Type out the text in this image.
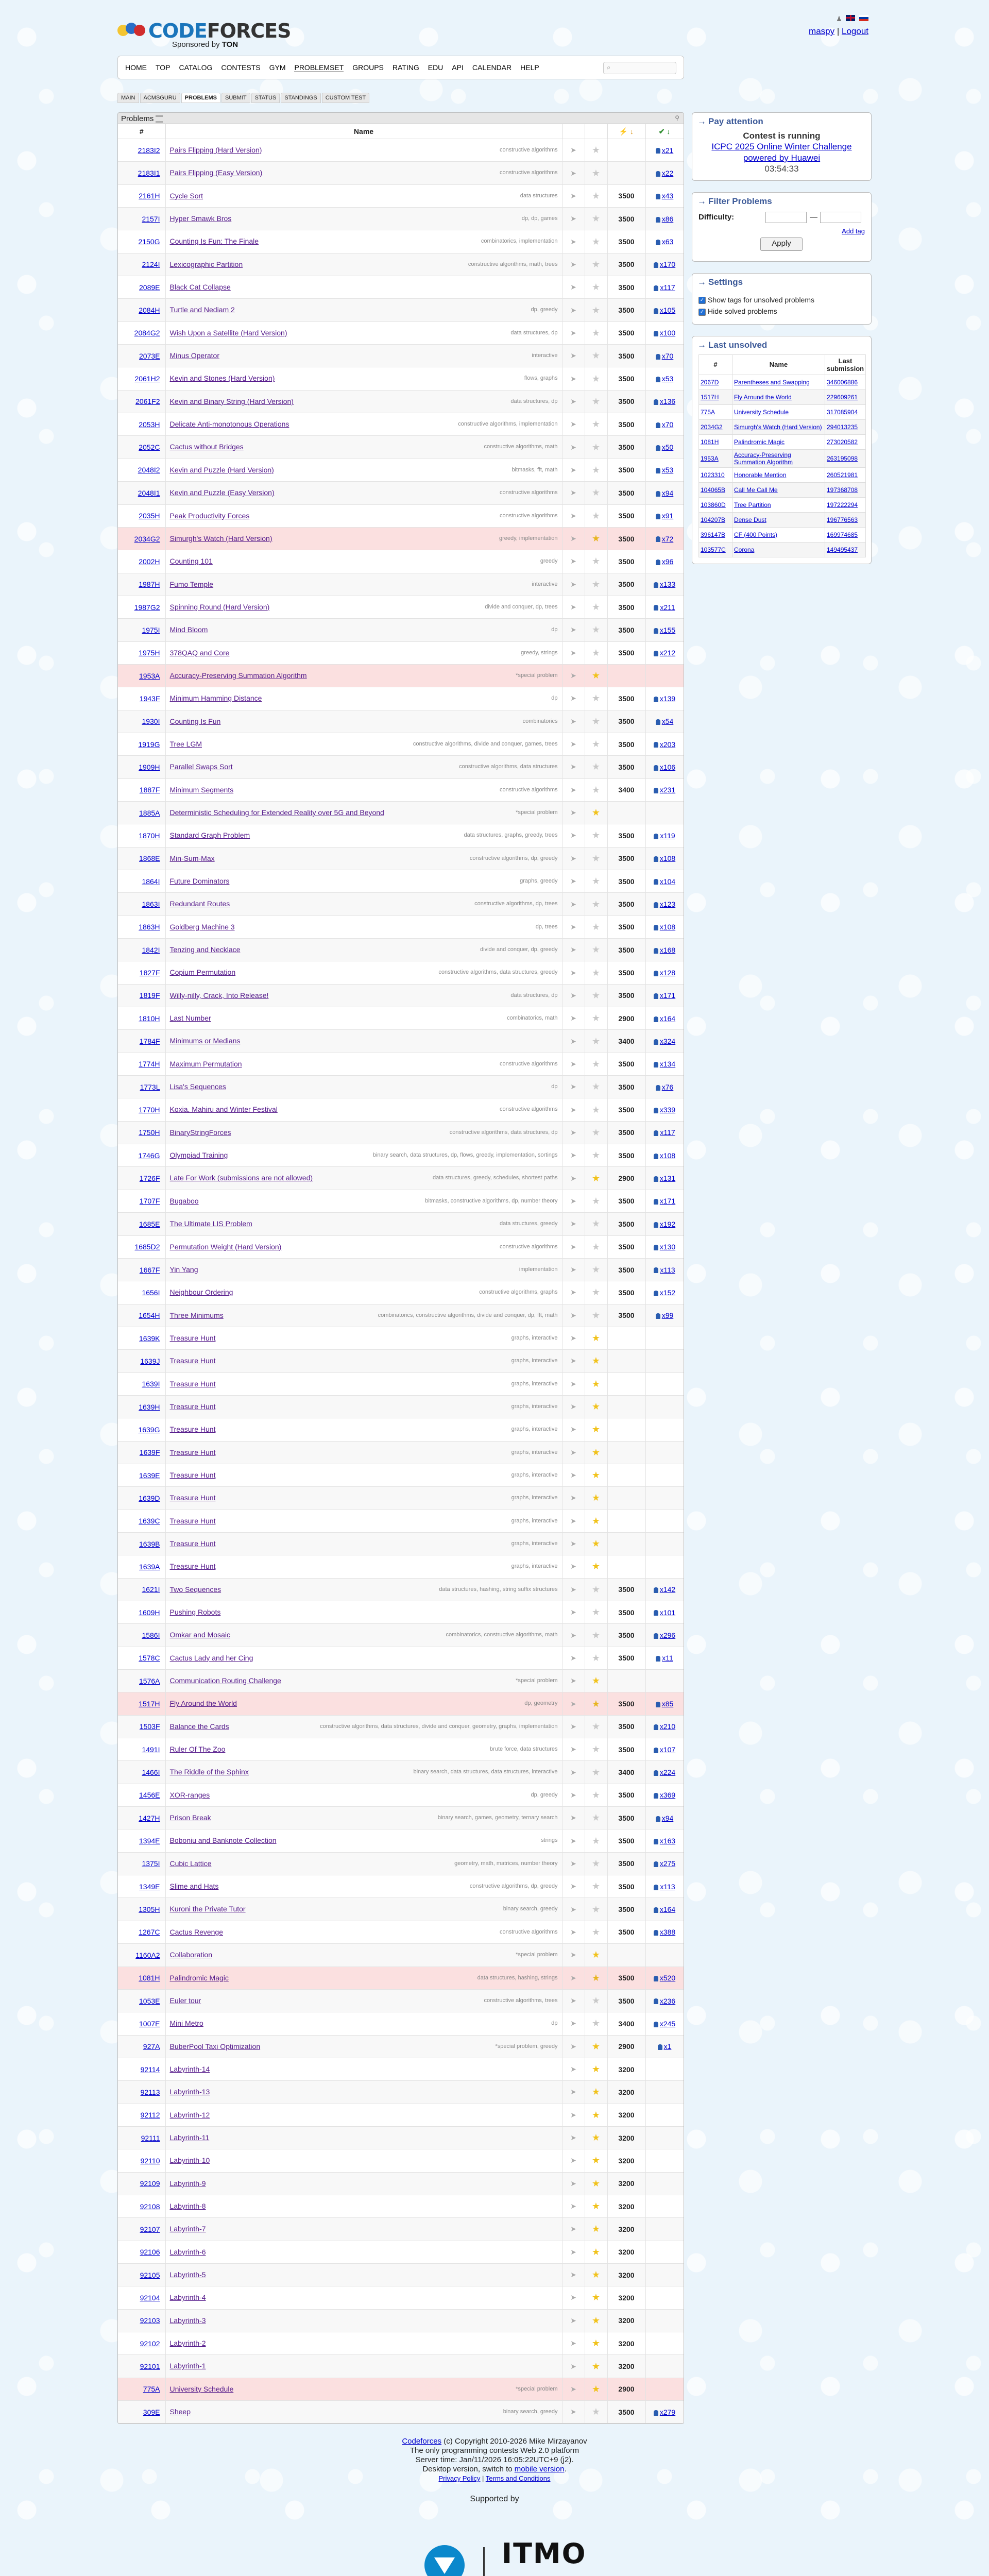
CODEFORCES
Sponsored by TON
♟
maspy | Logout
HOME TOP CATALOG CONTESTS GYM PROBLEMSET GROUPS RATING EDU API CALENDAR HELP	⌕
MAIN ACMSGURU PROBLEMS SUBMIT STATUS STANDINGS CUSTOM TEST
Problems	⚲
#	Name			⚡ ↓	✔ ↓
2183I2	Pairs Flipping (Hard Version) constructive algorithms	➤	★		x21
2183I1	Pairs Flipping (Easy Version) constructive algorithms	➤	★		x22
2161H	Cycle Sort data structures	➤	★	3500	x43
2157I	Hyper Smawk Bros dp, dp, games	➤	★	3500	x86
2150G	Counting Is Fun: The Finale combinatorics, implementation	➤	★	3500	x63
2124I	Lexicographic Partition constructive algorithms, math, trees	➤	★	3500	x170
2089E	Black Cat Collapse	➤	★	3500	x117
2084H	Turtle and Nediam 2 dp, greedy	➤	★	3500	x105
2084G2	Wish Upon a Satellite (Hard Version) data structures, dp	➤	★	3500	x100
2073E	Minus Operator interactive	➤	★	3500	x70
2061H2	Kevin and Stones (Hard Version) flows, graphs	➤	★	3500	x53
2061F2	Kevin and Binary String (Hard Version) data structures, dp	➤	★	3500	x136
2053H	Delicate Anti-monotonous Operations constructive algorithms, implementation	➤	★	3500	x70
2052C	Cactus without Bridges constructive algorithms, math	➤	★	3500	x50
2048I2	Kevin and Puzzle (Hard Version) bitmasks, fft, math	➤	★	3500	x53
2048I1	Kevin and Puzzle (Easy Version) constructive algorithms	➤	★	3500	x94
2035H	Peak Productivity Forces constructive algorithms	➤	★	3500	x91
2034G2	Simurgh's Watch (Hard Version) greedy, implementation	➤	★	3500	x72
2002H	Counting 101 greedy	➤	★	3500	x96
1987H	Fumo Temple interactive	➤	★	3500	x133
1987G2	Spinning Round (Hard Version) divide and conquer, dp, trees	➤	★	3500	x211
1975I	Mind Bloom dp	➤	★	3500	x155
1975H	378QAQ and Core greedy, strings	➤	★	3500	x212
1953A	Accuracy-Preserving Summation Algorithm *special problem	➤	★		
1943F	Minimum Hamming Distance dp	➤	★	3500	x139
1930I	Counting Is Fun combinatorics	➤	★	3500	x54
1919G	Tree LGM constructive algorithms, divide and conquer, games, trees	➤	★	3500	x203
1909H	Parallel Swaps Sort constructive algorithms, data structures	➤	★	3500	x106
1887F	Minimum Segments constructive algorithms	➤	★	3400	x231
1885A	Deterministic Scheduling for Extended Reality over 5G and Beyond *special problem	➤	★		
1870H	Standard Graph Problem data structures, graphs, greedy, trees	➤	★	3500	x119
1868E	Min-Sum-Max constructive algorithms, dp, greedy	➤	★	3500	x108
1864I	Future Dominators graphs, greedy	➤	★	3500	x104
1863I	Redundant Routes constructive algorithms, dp, trees	➤	★	3500	x123
1863H	Goldberg Machine 3 dp, trees	➤	★	3500	x108
1842I	Tenzing and Necklace divide and conquer, dp, greedy	➤	★	3500	x168
1827F	Copium Permutation constructive algorithms, data structures, greedy	➤	★	3500	x128
1819F	Willy-nilly, Crack, Into Release! data structures, dp	➤	★	3500	x171
1810H	Last Number combinatorics, math	➤	★	2900	x164
1784F	Minimums or Medians	➤	★	3400	x324
1774H	Maximum Permutation constructive algorithms	➤	★	3500	x134
1773L	Lisa's Sequences dp	➤	★	3500	x76
1770H	Koxia, Mahiru and Winter Festival constructive algorithms	➤	★	3500	x339
1750H	BinaryStringForces constructive algorithms, data structures, dp	➤	★	3500	x117
1746G	Olympiad Training binary search, data structures, dp, flows, greedy, implementation, sortings	➤	★	3500	x108
1726F	Late For Work (submissions are not allowed) data structures, greedy, schedules, shortest paths	➤	★	2900	x131
1707F	Bugaboo bitmasks, constructive algorithms, dp, number theory	➤	★	3500	x171
1685E	The Ultimate LIS Problem data structures, greedy	➤	★	3500	x192
1685D2	Permutation Weight (Hard Version) constructive algorithms	➤	★	3500	x130
1667F	Yin Yang implementation	➤	★	3500	x113
1656I	Neighbour Ordering constructive algorithms, graphs	➤	★	3500	x152
1654H	Three Minimums combinatorics, constructive algorithms, divide and conquer, dp, fft, math	➤	★	3500	x99
1639K	Treasure Hunt graphs, interactive	➤	★		
1639J	Treasure Hunt graphs, interactive	➤	★		
1639I	Treasure Hunt graphs, interactive	➤	★		
1639H	Treasure Hunt graphs, interactive	➤	★		
1639G	Treasure Hunt graphs, interactive	➤	★		
1639F	Treasure Hunt graphs, interactive	➤	★		
1639E	Treasure Hunt graphs, interactive	➤	★		
1639D	Treasure Hunt graphs, interactive	➤	★		
1639C	Treasure Hunt graphs, interactive	➤	★		
1639B	Treasure Hunt graphs, interactive	➤	★		
1639A	Treasure Hunt graphs, interactive	➤	★		
1621I	Two Sequences data structures, hashing, string suffix structures	➤	★	3500	x142
1609H	Pushing Robots	➤	★	3500	x101
1586I	Omkar and Mosaic combinatorics, constructive algorithms, math	➤	★	3500	x296
1578C	Cactus Lady and her Cing	➤	★	3500	x11
1576A	Communication Routing Challenge *special problem	➤	★		
1517H	Fly Around the World dp, geometry	➤	★	3500	x85
1503F	Balance the Cards constructive algorithms, data structures, divide and conquer, geometry, graphs, implementation	➤	★	3500	x210
1491I	Ruler Of The Zoo brute force, data structures	➤	★	3500	x107
1466I	The Riddle of the Sphinx binary search, data structures, data structures, interactive	➤	★	3400	x224
1456E	XOR-ranges dp, greedy	➤	★	3500	x369
1427H	Prison Break binary search, games, geometry, ternary search	➤	★	3500	x94
1394E	Boboniu and Banknote Collection strings	➤	★	3500	x163
1375I	Cubic Lattice geometry, math, matrices, number theory	➤	★	3500	x275
1349E	Slime and Hats constructive algorithms, dp, greedy	➤	★	3500	x113
1305H	Kuroni the Private Tutor binary search, greedy	➤	★	3500	x164
1267C	Cactus Revenge constructive algorithms	➤	★	3500	x388
1160A2	Collaboration *special problem	➤	★		
1081H	Palindromic Magic data structures, hashing, strings	➤	★	3500	x520
1053E	Euler tour constructive algorithms, trees	➤	★	3500	x236
1007E	Mini Metro dp	➤	★	3400	x245
927A	BuberPool Taxi Optimization *special problem, greedy	➤	★	2900	x1
92114	Labyrinth-14	➤	★	3200	
92113	Labyrinth-13	➤	★	3200	
92112	Labyrinth-12	➤	★	3200	
92111	Labyrinth-11	➤	★	3200	
92110	Labyrinth-10	➤	★	3200	
92109	Labyrinth-9	➤	★	3200	
92108	Labyrinth-8	➤	★	3200	
92107	Labyrinth-7	➤	★	3200	
92106	Labyrinth-6	➤	★	3200	
92105	Labyrinth-5	➤	★	3200	
92104	Labyrinth-4	➤	★	3200	
92103	Labyrinth-3	➤	★	3200	
92102	Labyrinth-2	➤	★	3200	
92101	Labyrinth-1	➤	★	3200	
775A	University Schedule *special problem	➤	★	2900	
309E	Sheep binary search, greedy	➤	★	3500	x279
→ Pay attention
Contest is running
ICPC 2025 Online Winter Challenge powered by Huawei
03:54:33
→ Filter Problems
Difficulty:	—
Add tag
Apply
→ Settings
✓ Show tags for unsolved problems
✓ Hide solved problems
→ Last unsolved
#	Name	Last submission
2067D	Parentheses and Swapping	346006886
1517H	Fly Around the World	229609261
775A	University Schedule	317085904
2034G2	Simurgh's Watch (Hard Version)	294013235
1081H	Palindromic Magic	273020582
1953A	Accuracy-Preserving Summation Algorithm	263195098
1023310	Honorable Mention	260521981
104065B	Call Me Call Me	197368708
103860D	Tree Partition	197222294
104207B	Dense Dust	196776563
396147B	CF (400 Points)	169974685
103577C	Corona	149495437
Codeforces (c) Copyright 2010-2026 Mike Mirzayanov
The only programming contests Web 2.0 platform
Server time: Jan/11/2026 16:05:22UTC+9 (j2).
Desktop version, switch to mobile version.
Privacy Policy | Terms and Conditions
Supported by
ITMO
